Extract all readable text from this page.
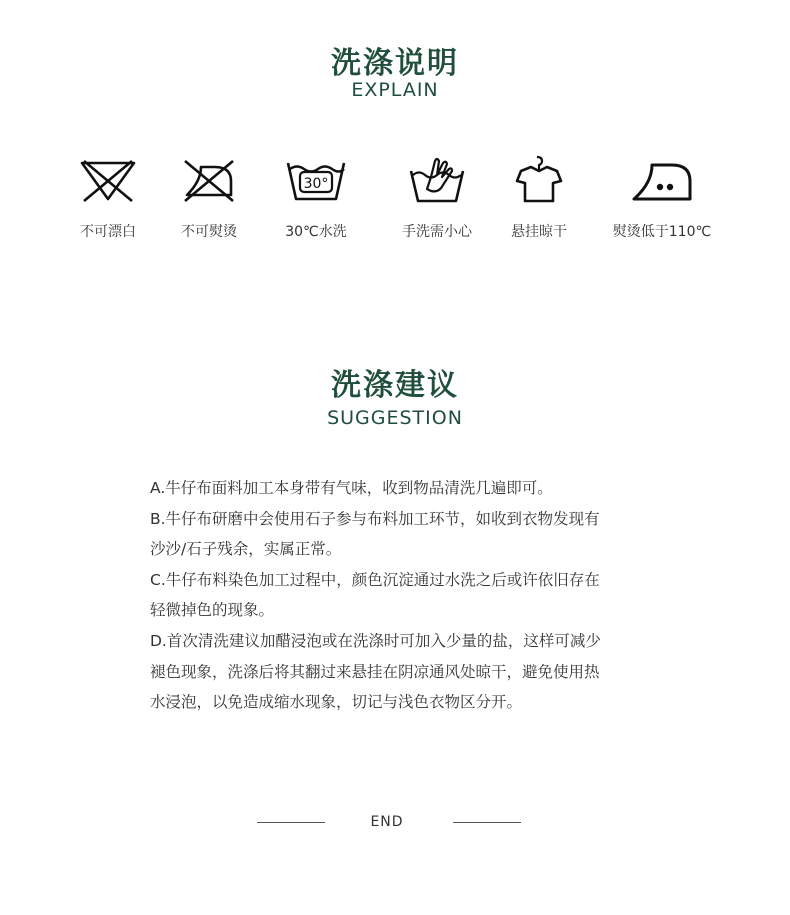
洗涤说明
EXPLAIN
不可漂白	不可熨烫
30°
30℃水洗	手洗需小心	悬挂晾干	熨烫低于110℃
洗涤建议
SUGGESTION

A.牛仔布面料加工本身带有气味，收到物品清洗几遍即可。

B.牛仔布研磨中会使用石子参与布料加工环节，如收到衣物发现有

沙沙/石子残余，实属正常。

C.牛仔布料染色加工过程中，颜色沉淀通过水洗之后或许依旧存在

轻微掉色的现象。

D.首次清洗建议加醋浸泡或在洗涤时可加入少量的盐，这样可减少

褪色现象，洗涤后将其翻过来悬挂在阴凉通风处晾干，避免使用热

水浸泡，以免造成缩水现象，切记与浅色衣物区分开。

END
